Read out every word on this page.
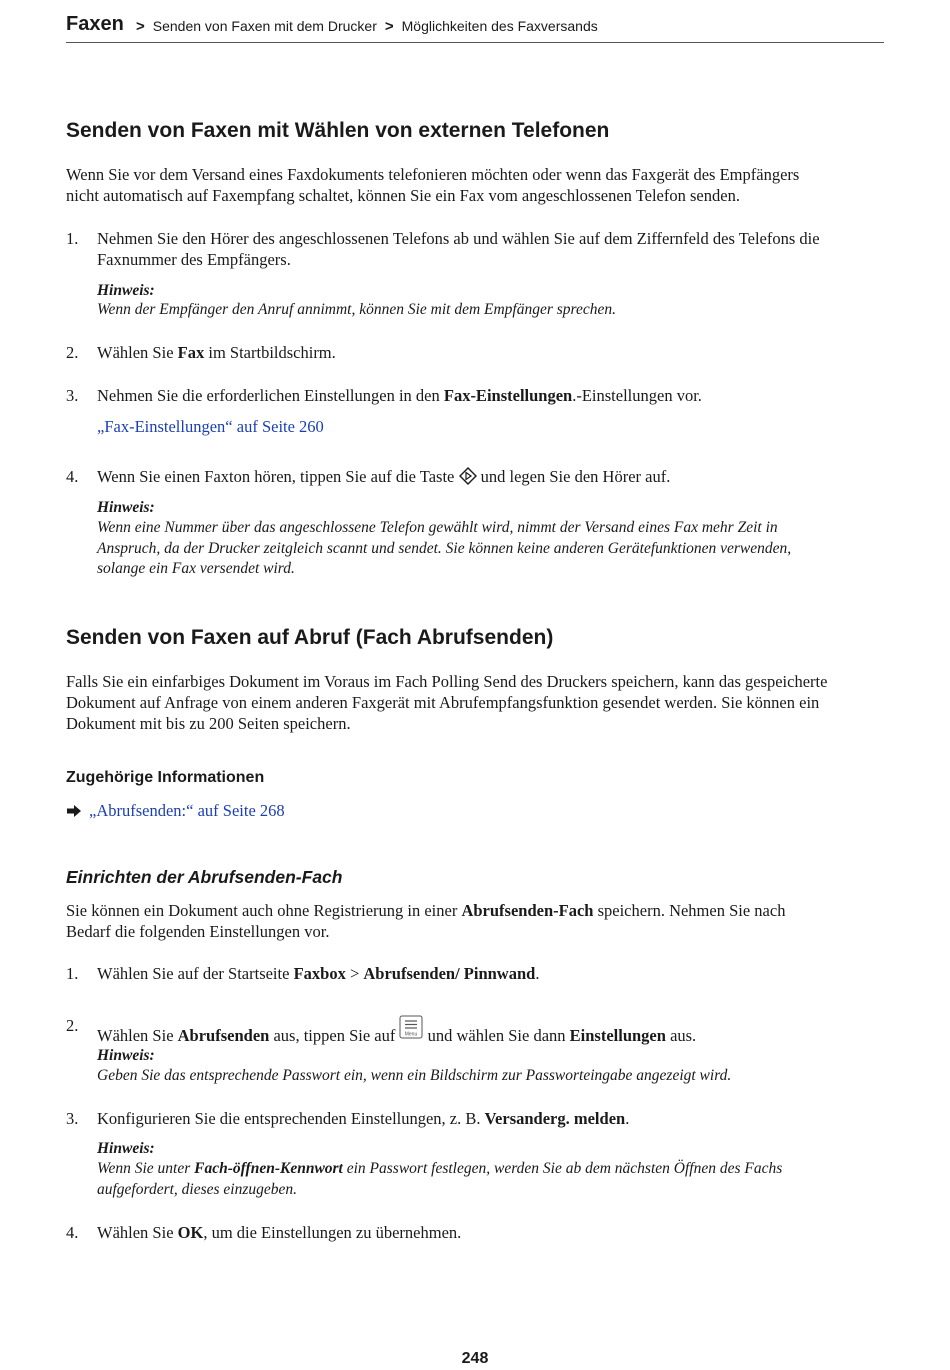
Faxen > Senden von Faxen mit dem Drucker > Möglichkeiten des Faxversands
Senden von Faxen mit Wählen von externen Telefonen

Wenn Sie vor dem Versand eines Faxdokuments telefonieren möchten oder wenn das Faxgerät des Empfängers
nicht automatisch auf Faxempfang schaltet, können Sie ein Fax vom angeschlossenen Telefon senden.

1. Nehmen Sie den Hörer des angeschlossenen Telefons ab und wählen Sie auf dem Ziffernfeld des Telefons die
Faxnummer des Empfängers.

Hinweis:
Wenn der Empfänger den Anruf annimmt, können Sie mit dem Empfänger sprechen.
2. Wählen Sie Fax im Startbildschirm.

3. Nehmen Sie die erforderlichen Einstellungen in den Fax-Einstellungen.-Einstellungen vor.

„Fax-Einstellungen“ auf Seite 260
4. Wenn Sie einen Faxton hören, tippen Sie auf die Taste  und legen Sie den Hörer auf.

Hinweis:
Wenn eine Nummer über das angeschlossene Telefon gewählt wird, nimmt der Versand eines Fax mehr Zeit in
Anspruch, da der Drucker zeitgleich scannt und sendet. Sie können keine anderen Gerätefunktionen verwenden,
solange ein Fax versendet wird.
Senden von Faxen auf Abruf (Fach Abrufsenden)

Falls Sie ein einfarbiges Dokument im Voraus im Fach Polling Send des Druckers speichern, kann das gespeicherte
Dokument auf Anfrage von einem anderen Faxgerät mit Abrufempfangsfunktion gesendet werden. Sie können ein
Dokument mit bis zu 200 Seiten speichern.

Zugehörige Informationen
„Abrufsenden:“ auf Seite 268
Einrichten der Abrufsenden-Fach

Sie können ein Dokument auch ohne Registrierung in einer Abrufsenden-Fach speichern. Nehmen Sie nach
Bedarf die folgenden Einstellungen vor.

1. Wählen Sie auf der Startseite Faxbox > Abrufsenden/ Pinnwand.

2.

Wählen Sie Abrufsenden aus, tippen Sie auf Menu und wählen Sie dann Einstellungen aus.

Hinweis:
Geben Sie das entsprechende Passwort ein, wenn ein Bildschirm zur Passworteingabe angezeigt wird.
3. Konfigurieren Sie die entsprechenden Einstellungen, z. B. Versanderg. melden.

Hinweis:
Wenn Sie unter Fach-öffnen-Kennwort ein Passwort festlegen, werden Sie ab dem nächsten Öffnen des Fachs
aufgefordert, dieses einzugeben.
4. Wählen Sie OK, um die Einstellungen zu übernehmen.

248
